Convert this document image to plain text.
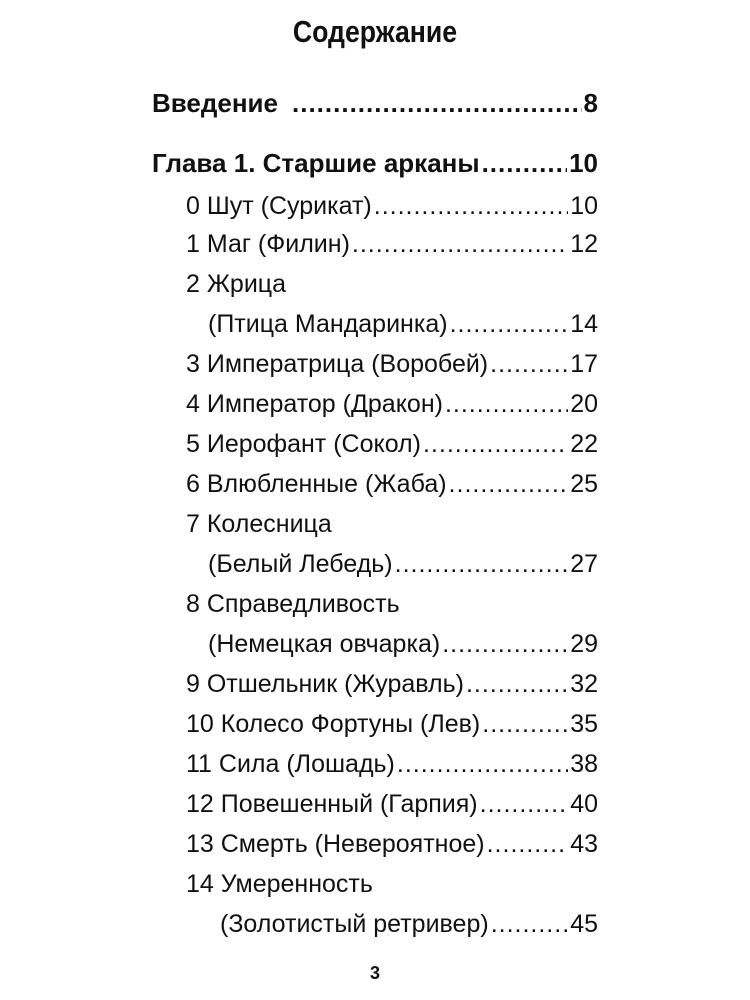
Содержание
Введение .....	8
Глава 1. Старшие арканы .....	10
0 Шут (Сурикат) .....	10
1 Маг (Филин) .....	12
2 Жрица
(Птица Мандаринка) .....	14
3 Императрица (Воробей) .....	17
4 Император (Дракон) .....	20
5 Иерофант (Сокол) .....	22
6 Влюбленные (Жаба) .....	25
7 Колесница
(Белый Лебедь) .....	27
8 Справедливость
(Немецкая овчарка) .....	29
9 Отшельник (Журавль) .....	32
10 Колесо Фортуны (Лев) .....	35
11 Сила (Лошадь) .....	38
12 Повешенный (Гарпия) .....	40
13 Смерть (Невероятное) .....	43
14 Умеренность
(Золотистый ретривер) .....	45
3
